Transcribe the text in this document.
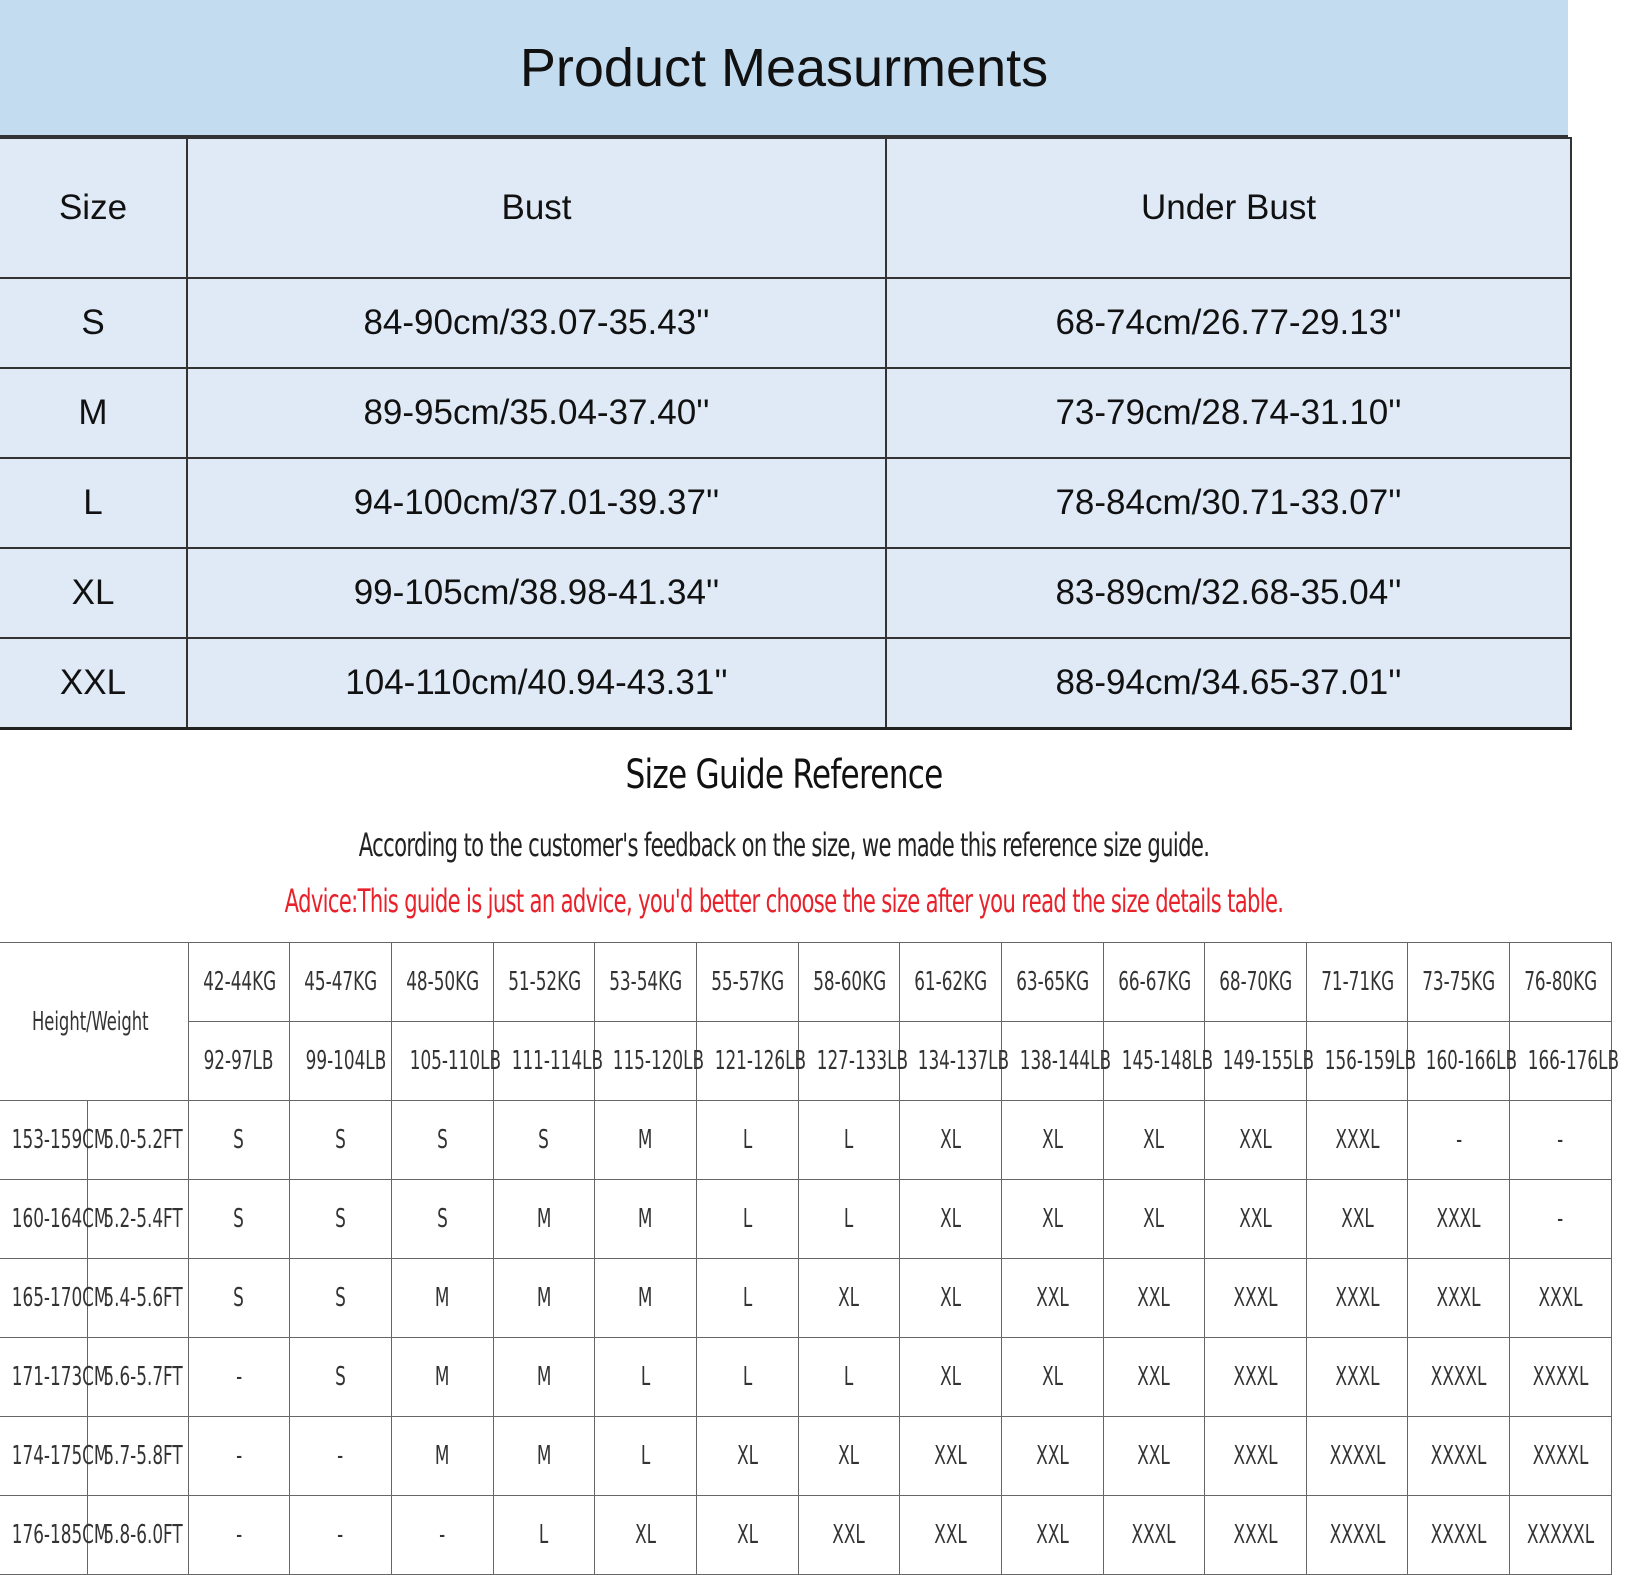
Product Measurments
Size	Bust	Under Bust
S	84-90cm/33.07-35.43''	68-74cm/26.77-29.13''
M	89-95cm/35.04-37.40''	73-79cm/28.74-31.10''
L	94-100cm/37.01-39.37''	78-84cm/30.71-33.07''
XL	99-105cm/38.98-41.34''	83-89cm/32.68-35.04''
XXL	104-110cm/40.94-43.31''	88-94cm/34.65-37.01''
Size Guide Reference
According to the customer's feedback on the size, we made this reference size guide.
Advice:This guide is just an advice, you'd better choose the size after you read the size details table.
Height/Weight		42-44KG	45-47KG	48-50KG	51-52KG	53-54KG	55-57KG	58-60KG	61-62KG	63-65KG	66-67KG	68-70KG	71-71KG	73-75KG	76-80KG
		92-97LB	99-104LB	105-110LB	111-114LB	115-120LB	121-126LB	127-133LB	134-137LB	138-144LB	145-148LB	149-155LB	156-159LB	160-166LB	166-176LB
153-159CM	5.0-5.2FT	S	S	S	S	M	L	L	XL	XL	XL	XXL	XXXL	-	-
160-164CM	5.2-5.4FT	S	S	S	M	M	L	L	XL	XL	XL	XXL	XXL	XXXL	-
165-170CM	5.4-5.6FT	S	S	M	M	M	L	XL	XL	XXL	XXL	XXXL	XXXL	XXXL	XXXL
171-173CM	5.6-5.7FT	-	S	M	M	L	L	L	XL	XL	XXL	XXXL	XXXL	XXXXL	XXXXL
174-175CM	5.7-5.8FT	-	-	M	M	L	XL	XL	XXL	XXL	XXL	XXXL	XXXXL	XXXXL	XXXXL
176-185CM	5.8-6.0FT	-	-	-	L	XL	XL	XXL	XXL	XXL	XXXL	XXXL	XXXXL	XXXXL	XXXXXL
